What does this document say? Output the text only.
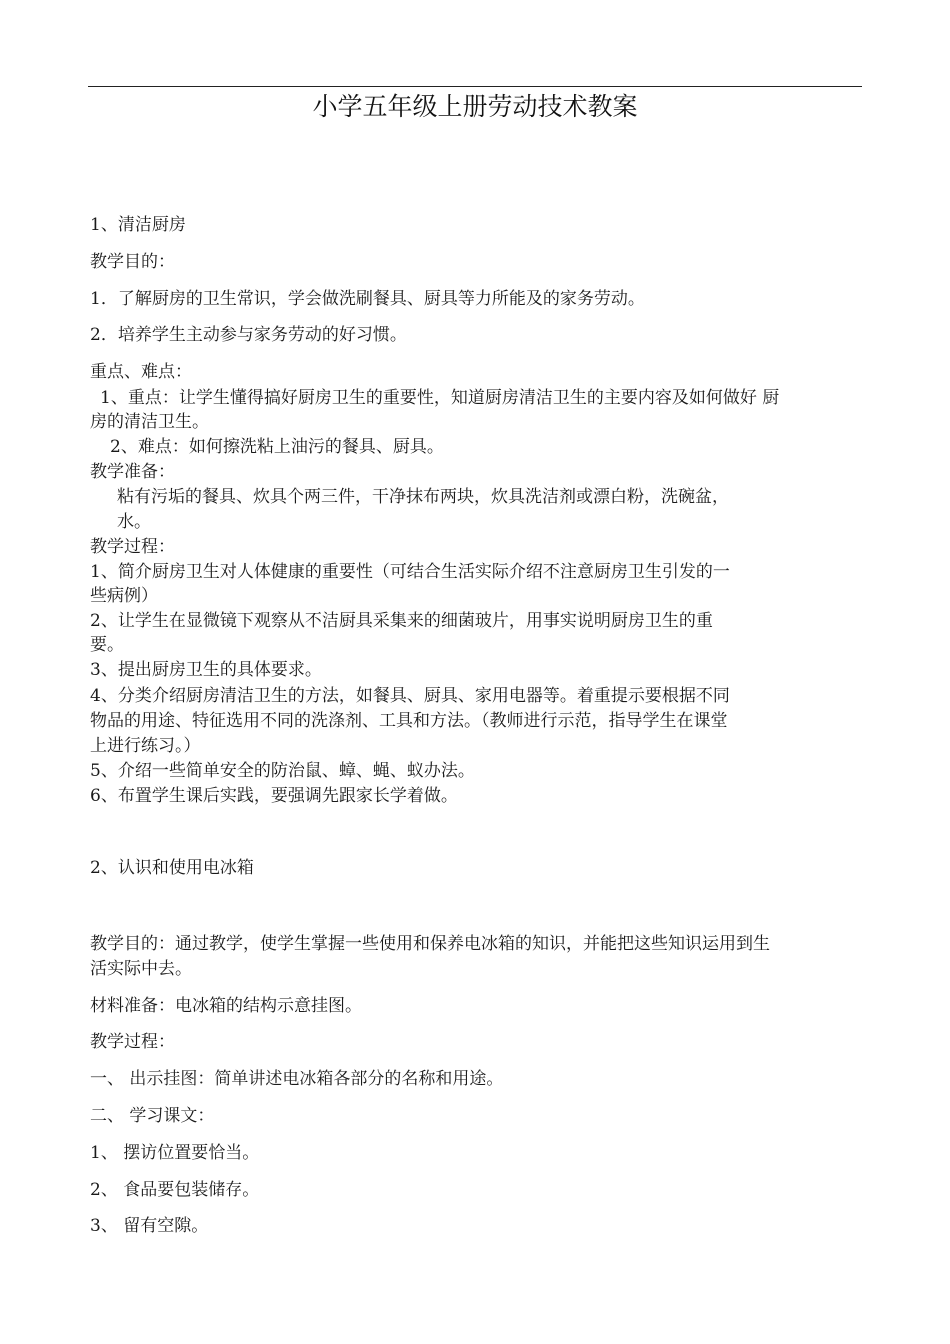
小学五年级上册劳动技术教案
1、清洁厨房
教学目的：
1．了解厨房的卫生常识，学会做洗刷餐具、厨具等力所能及的家务劳动。
2．培养学生主动参与家务劳动的好习惯。
重点、难点：
1、重点：让学生懂得搞好厨房卫生的重要性，知道厨房清洁卫生的主要内容及如何做好 厨
房的清洁卫生。
2、难点：如何擦洗粘上油污的餐具、厨具。
教学准备：
粘有污垢的餐具、炊具个两三件，干净抹布两块，炊具洗洁剂或漂白粉，洗碗盆，
水。
教学过程：
1、简介厨房卫生对人体健康的重要性（可结合生活实际介绍不注意厨房卫生引发的一
些病例）
2、让学生在显微镜下观察从不洁厨具采集来的细菌玻片，用事实说明厨房卫生的重
要。
3、提出厨房卫生的具体要求。
4、分类介绍厨房清洁卫生的方法，如餐具、厨具、家用电器等。着重提示要根据不同
物品的用途、特征选用不同的洗涤剂、工具和方法。（教师进行示范，指导学生在课堂
上进行练习。）
5、介绍一些简单安全的防治鼠、蟑、蝇、蚁办法。
6、布置学生课后实践，要强调先跟家长学着做。
2、认识和使用电冰箱
教学目的：通过教学，使学生掌握一些使用和保养电冰箱的知识，并能把这些知识运用到生
活实际中去。
材料准备：电冰箱的结构示意挂图。
教学过程：
一、 出示挂图：简单讲述电冰箱各部分的名称和用途。
二、 学习课文：
1、 摆访位置要恰当。
2、 食品要包装储存。
3、 留有空隙。
